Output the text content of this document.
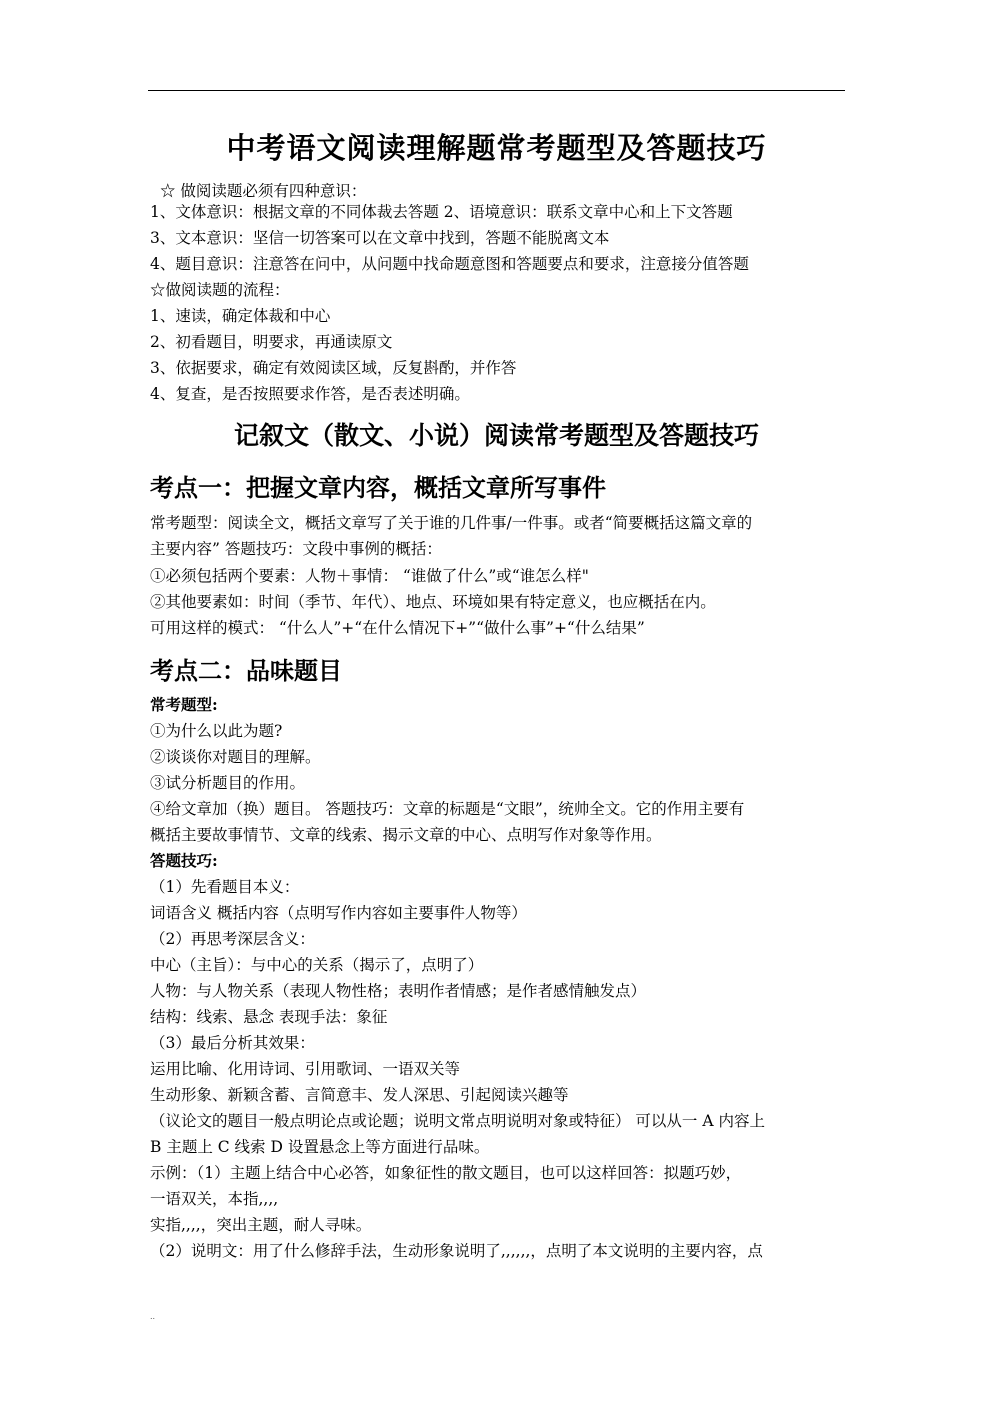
中考语文阅读理解题常考题型及答题技巧
☆ 做阅读题必须有四种意识：
1、文体意识：根据文章的不同体裁去答题 2、语境意识：联系文章中心和上下文答题
3、文本意识：坚信一切答案可以在文章中找到，答题不能脱离文本
4、题目意识：注意答在问中，从问题中找命题意图和答题要点和要求，注意接分值答题
☆做阅读题的流程：
1、速读，确定体裁和中心
2、初看题目，明要求，再通读原文
3、依据要求，确定有效阅读区域，反复斟酌，并作答
4、复查，是否按照要求作答，是否表述明确。
记叙文（散文、小说）阅读常考题型及答题技巧
考点一：把握文章内容，概括文章所写事件
常考题型：阅读全文，概括文章写了关于谁的几件事/一件事。或者“简要概括这篇文章的
主要内容” 答题技巧：文段中事例的概括：
①必须包括两个要素：人物＋事情： “谁做了什么”或“谁怎么样"
②其他要素如：时间（季节、年代）、地点、环境如果有特定意义，也应概括在内。
可用这样的模式： “什么人”+“在什么情况下+”“做什么事”+“什么结果”
考点二：品味题目
常考题型:
①为什么以此为题?
②谈谈你对题目的理解。
③试分析题目的作用。
④给文章加（换）题目。 答题技巧：文章的标题是“文眼”，统帅全文。它的作用主要有
概括主要故事情节、文章的线索、揭示文章的中心、点明写作对象等作用。
答题技巧:
（1）先看题目本义：
词语含义 概括内容（点明写作内容如主要事件人物等）
（2）再思考深层含义：
中心（主旨）：与中心的关系（揭示了，点明了）
人物：与人物关系（表现人物性格；表明作者情感；是作者感情触发点）
结构：线索、悬念 表现手法：象征
（3）最后分析其效果：
运用比喻、化用诗词、引用歌词、一语双关等
生动形象、新颖含蓄、言简意丰、发人深思、引起阅读兴趣等
（议论文的题目一般点明论点或论题；说明文常点明说明对象或特征） 可以从一 A 内容上
B 主题上 C 线索 D 设置悬念上等方面进行品味。
示例：（1）主题上结合中心必答，如象征性的散文题目，也可以这样回答：拟题巧妙，
一语双关，本指,,,,
实指,,,,，突出主题，耐人寻味。
（2）说明文：用了什么修辞手法，生动形象说明了,,,,,,，点明了本文说明的主要内容，点
..
